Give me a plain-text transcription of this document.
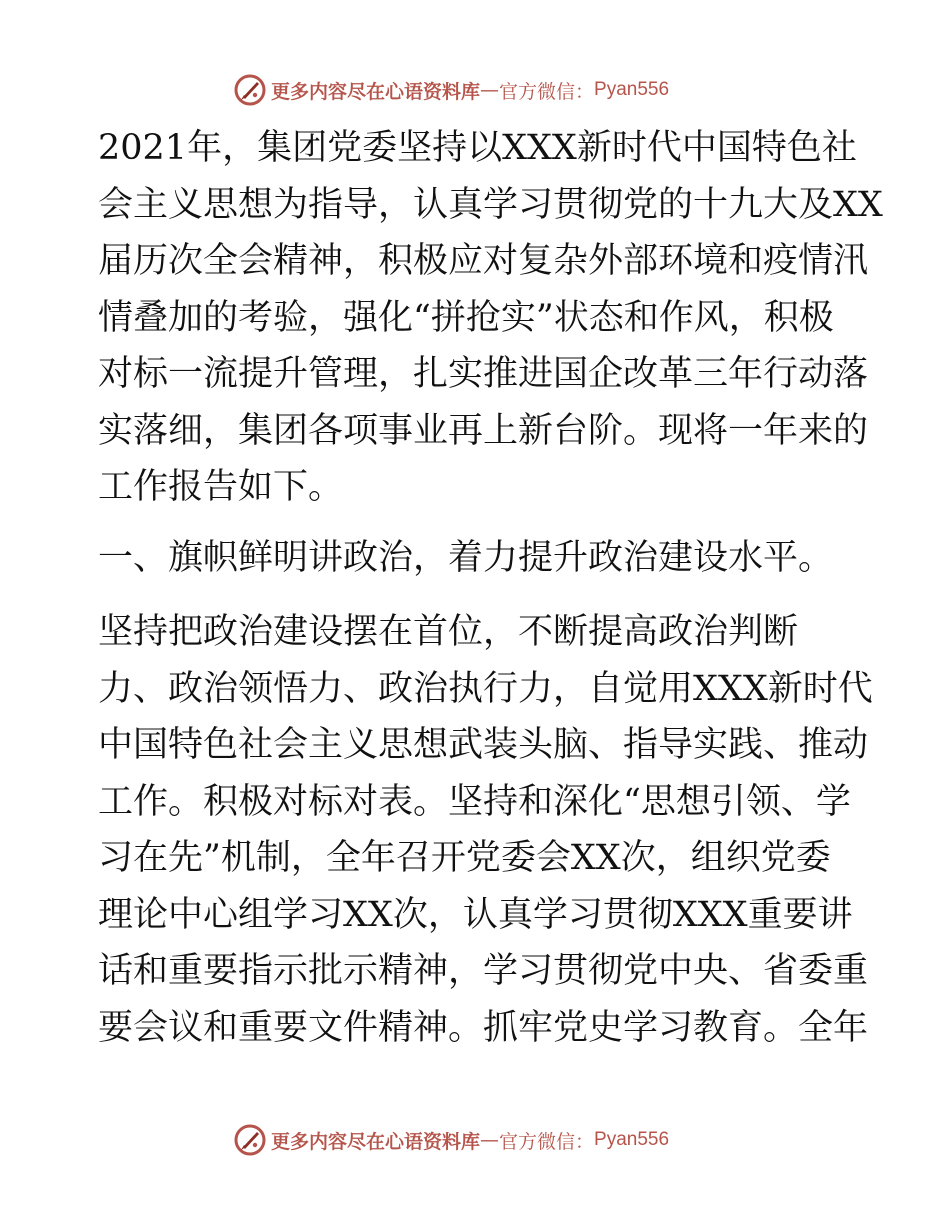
更多内容尽在心语资料库 — 官方微信： Pyan556

2021年，集团党委坚持以XXX新时代中国特色社
会主义思想为指导，认真学习贯彻党的十九大及XX
届历次全会精神，积极应对复杂外部环境和疫情汛
情叠加的考验，强化“拼抢实”状态和作风，积极
对标一流提升管理，扎实推进国企改革三年行动落
实落细，集团各项事业再上新台阶。现将一年来的
工作报告如下。

一、旗帜鲜明讲政治，着力提升政治建设水平。

坚持把政治建设摆在首位，不断提高政治判断
力、政治领悟力、政治执行力，自觉用XXX新时代
中国特色社会主义思想武装头脑、指导实践、推动
工作。积极对标对表。坚持和深化“思想引领、学
习在先”机制，全年召开党委会XX次，组织党委
理论中心组学习XX次，认真学习贯彻XXX重要讲
话和重要指示批示精神，学习贯彻党中央、省委重
要会议和重要文件精神。抓牢党史学习教育。全年

更多内容尽在心语资料库 — 官方微信： Pyan556
